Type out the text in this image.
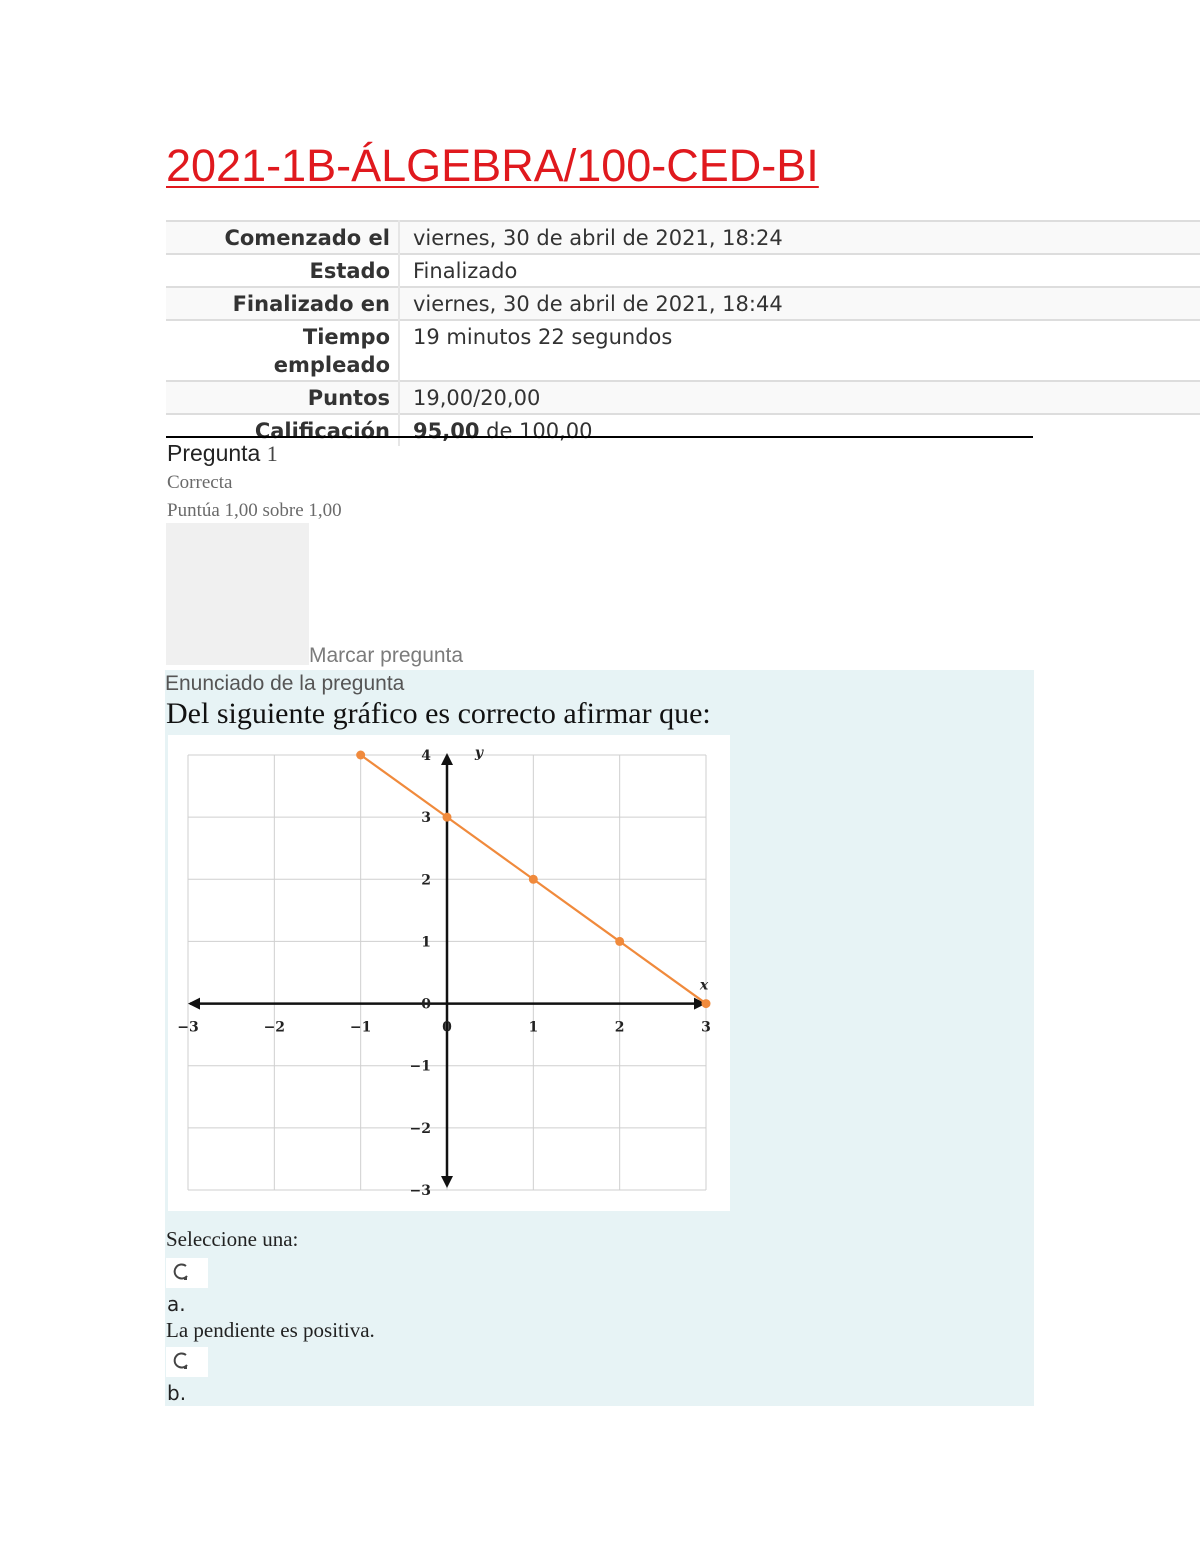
2021-1B-ÁLGEBRA/100-CED-BI
Comenzado el	viernes, 30 de abril de 2021, 18:24
Estado	Finalizado
Finalizado en	viernes, 30 de abril de 2021, 18:44
Tiempo empleado	19 minutos 22 segundos
Puntos	19,00/20,00
Calificación	95,00 de 100,00
Pregunta 1
Correcta
Puntúa 1,00 sobre 1,00
Marcar pregunta
Enunciado de la pregunta
Del siguiente gráfico es correcto afirmar que:
x
y
−3	−2	−1	0	1	2	3
4
3
2
1
0
−1
−2
−3
Seleccione una:
a.
La pendiente es positiva.
b.
